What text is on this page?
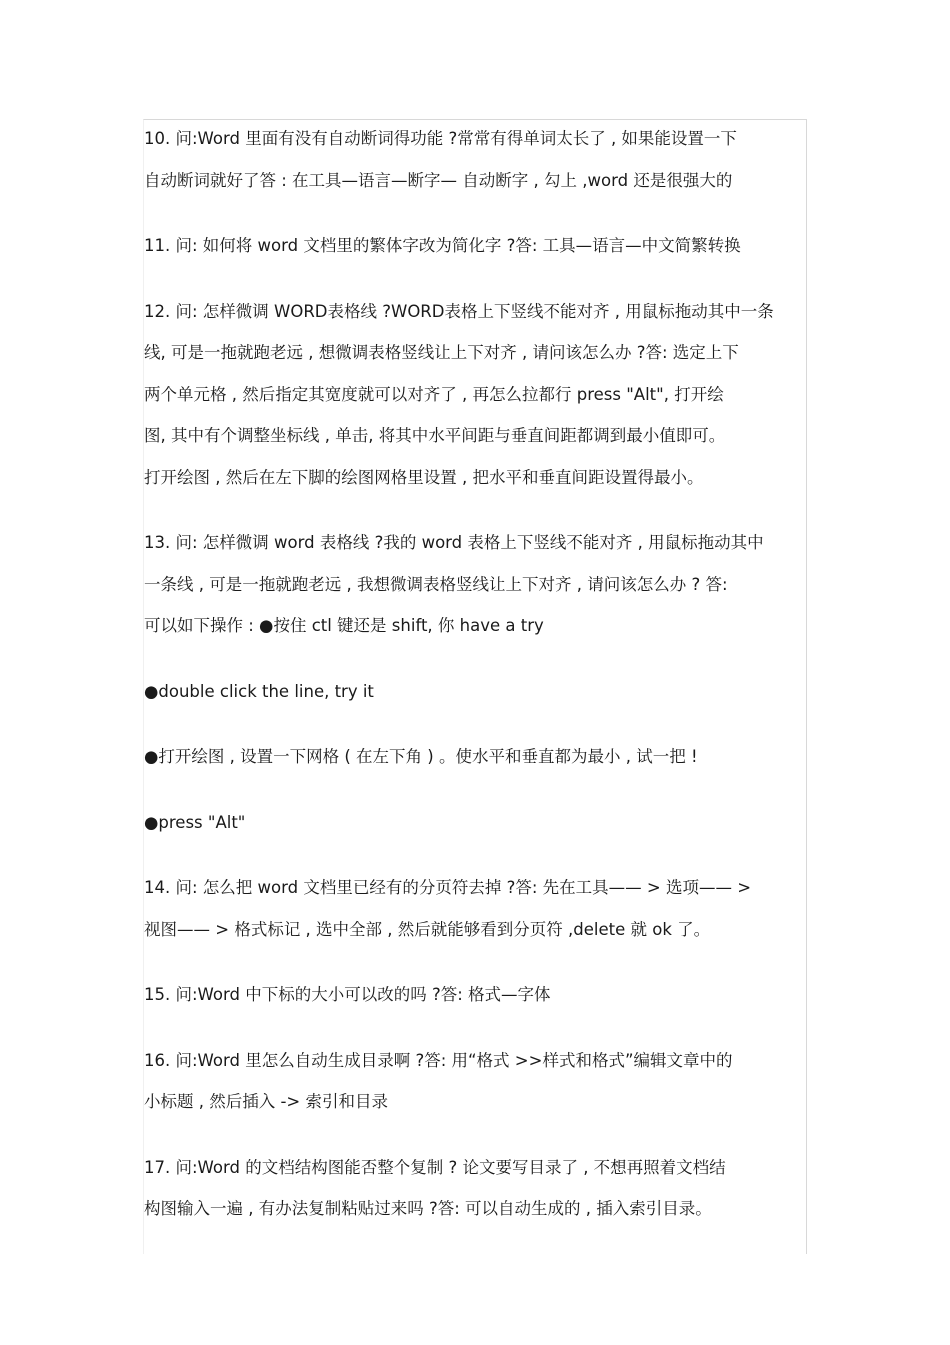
10. 问:Word 里面有没有自动断词得功能 ?常常有得单词太长了 , 如果能设置一下
自动断词就好了答 : 在工具—语言—断字— 自动断字 , 勾上 ,word 还是很强大的
11. 问: 如何将 word 文档里的繁体字改为简化字 ?答: 工具—语言—中文简繁转换
12. 问: 怎样微调 WORD表格线 ?WORD表格上下竖线不能对齐 , 用鼠标拖动其中一条
线, 可是一拖就跑老远 , 想微调表格竖线让上下对齐 , 请问该怎么办 ?答: 选定上下
两个单元格 , 然后指定其宽度就可以对齐了 , 再怎么拉都行 press "Alt", 打开绘
图, 其中有个调整坐标线 , 单击, 将其中水平间距与垂直间距都调到最小值即可。
打开绘图 , 然后在左下脚的绘图网格里设置 , 把水平和垂直间距设置得最小。
13. 问: 怎样微调 word 表格线 ?我的 word 表格上下竖线不能对齐 , 用鼠标拖动其中
一条线 , 可是一拖就跑老远 , 我想微调表格竖线让上下对齐 , 请问该怎么办 ? 答:
可以如下操作 : ●按住 ctl 键还是 shift, 你 have a try
●double click the line, try it
●打开绘图 , 设置一下网格 ( 在左下角 ) 。使水平和垂直都为最小 , 试一把 !
●press "Alt"
14. 问: 怎么把 word 文档里已经有的分页符去掉 ?答: 先在工具—— > 选项—— >
视图—— > 格式标记 , 选中全部 , 然后就能够看到分页符 ,delete 就 ok 了。
15. 问:Word 中下标的大小可以改的吗 ?答: 格式—字体
16. 问:Word 里怎么自动生成目录啊 ?答: 用“格式 >>样式和格式”编辑文章中的
小标题 , 然后插入 -> 索引和目录
17. 问:Word 的文档结构图能否整个复制 ? 论文要写目录了 , 不想再照着文档结
构图输入一遍 , 有办法复制粘贴过来吗 ?答: 可以自动生成的 , 插入索引目录。
